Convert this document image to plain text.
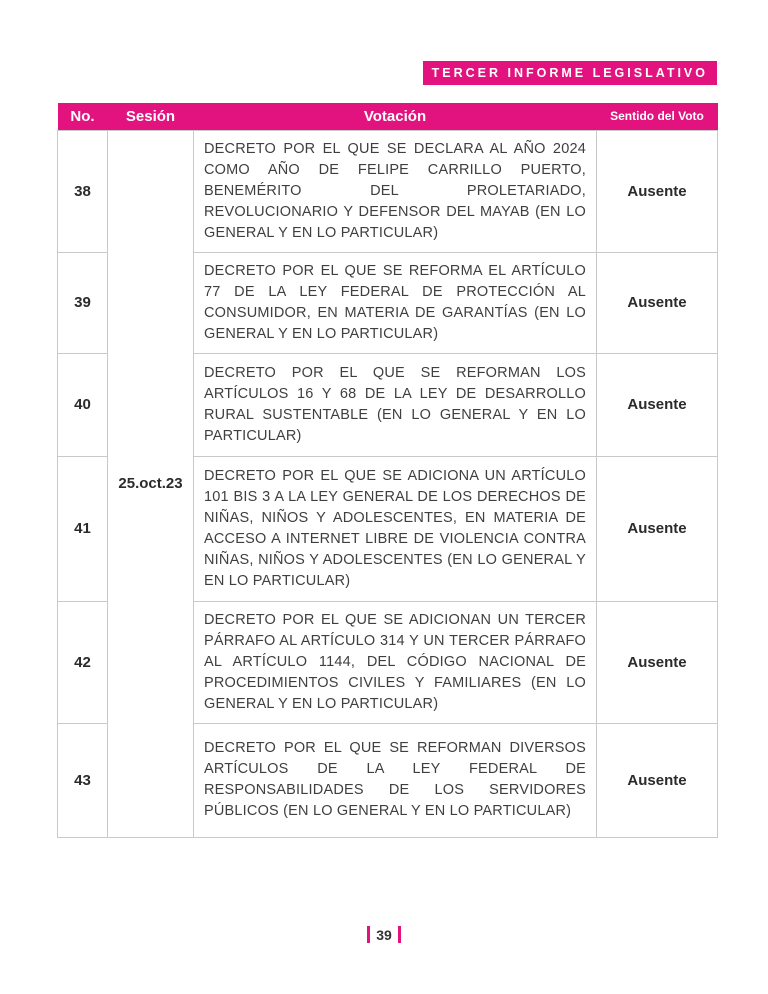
TERCER INFORME LEGISLATIVO
No.	Sesión	Votación	Sentido del Voto
38	25.oct.23	DECRETO POR EL QUE SE DECLARA AL AÑO 2024 COMO AÑO DE FELIPE CARRILLO PUERTO, BENEMÉRITO DEL PROLETARIADO, REVOLUCIONARIO Y DEFENSOR DEL MAYAB (EN LO GENERAL Y EN LO PARTICULAR)	Ausente
39		DECRETO POR EL QUE SE REFORMA EL ARTÍCULO 77 DE LA LEY FEDERAL DE PROTECCIÓN AL CONSUMIDOR, EN MATERIA DE GARANTÍAS (EN LO GENERAL Y EN LO PARTICULAR)	Ausente
40		DECRETO POR EL QUE SE REFORMAN LOS ARTÍCULOS 16 Y 68 DE LA LEY DE DESARROLLO RURAL SUSTENTABLE (EN LO GENERAL Y EN LO PARTICULAR)	Ausente
41		DECRETO POR EL QUE SE ADICIONA UN ARTÍCULO 101 BIS 3 A LA LEY GENERAL DE LOS DERECHOS DE NIÑAS, NIÑOS Y ADOLESCENTES, EN MATERIA DE ACCESO A INTERNET LIBRE DE VIOLENCIA CONTRA NIÑAS, NIÑOS Y ADOLESCENTES (EN LO GENERAL Y EN LO PARTICULAR)	Ausente
42		DECRETO POR EL QUE SE ADICIONAN UN TERCER PÁRRAFO AL ARTÍCULO 314 Y UN TERCER PÁRRAFO AL ARTÍCULO 1144, DEL CÓDIGO NACIONAL DE PROCEDIMIENTOS CIVILES Y FAMILIARES (EN LO GENERAL Y EN LO PARTICULAR)	Ausente
43		DECRETO POR EL QUE SE REFORMAN DIVERSOS ARTÍCULOS DE LA LEY FEDERAL DE RESPONSABILIDADES DE LOS SERVIDORES PÚBLICOS (EN LO GENERAL Y EN LO PARTICULAR)	Ausente
39
